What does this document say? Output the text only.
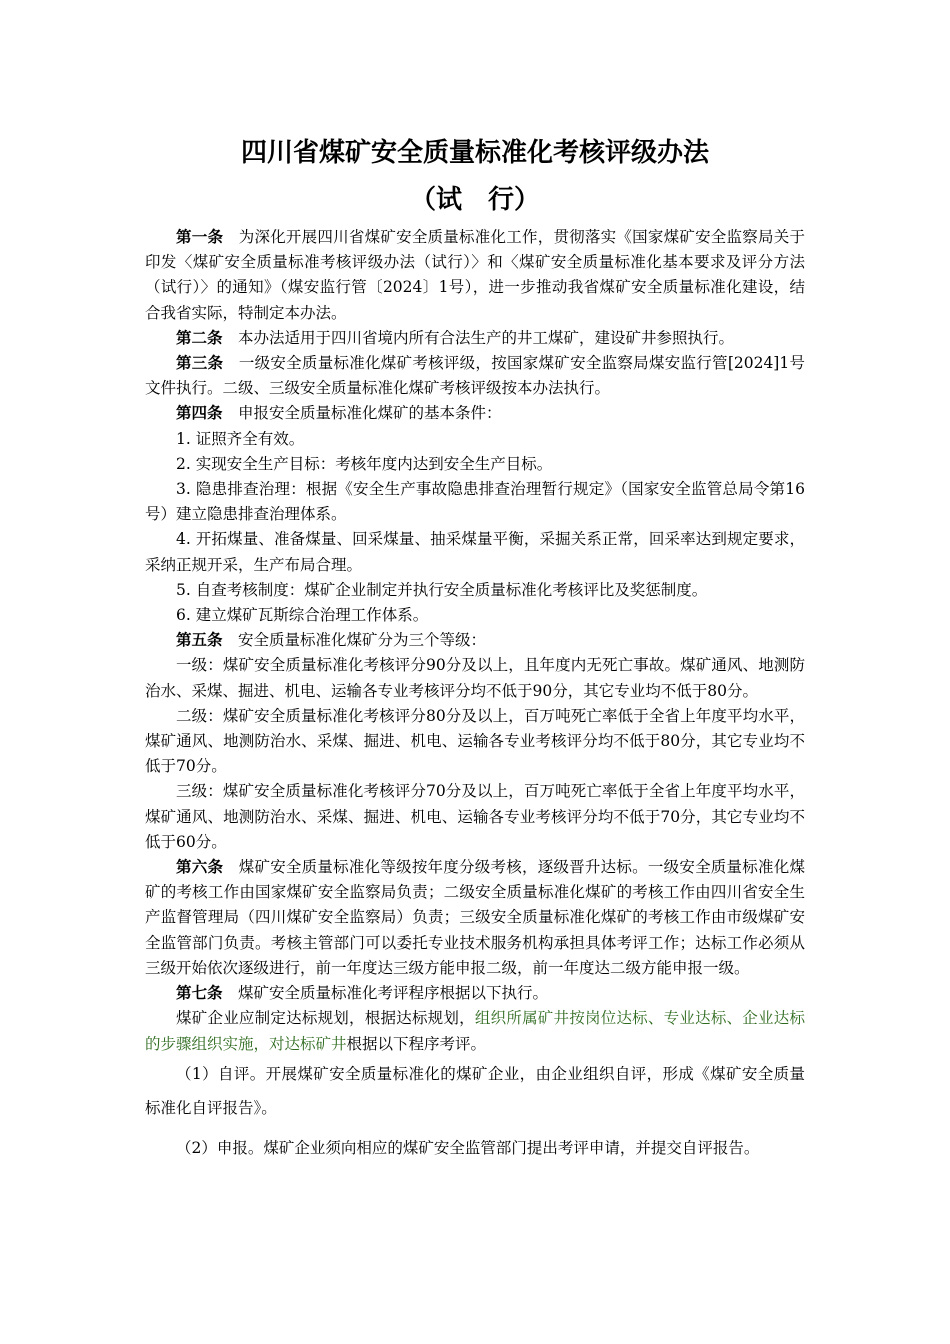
四川省煤矿安全质量标准化考核评级办法
（试　行）

第一条 为深化开展四川省煤矿安全质量标准化工作，贯彻落实《国家煤矿安全监察局关于印发〈煤矿安全质量标准考核评级办法（试行）〉和〈煤矿安全质量标准化基本要求及评分方法（试行）〉的通知》（煤安监行管〔2024〕1号），进一步推动我省煤矿安全质量标准化建设，结合我省实际，特制定本办法。

第二条 本办法适用于四川省境内所有合法生产的井工煤矿，建设矿井参照执行。

第三条 一级安全质量标准化煤矿考核评级，按国家煤矿安全监察局煤安监行管[2024]1号文件执行。二级、三级安全质量标准化煤矿考核评级按本办法执行。

第四条 申报安全质量标准化煤矿的基本条件：

1. 证照齐全有效。

2. 实现安全生产目标：考核年度内达到安全生产目标。

3. 隐患排查治理：根据《安全生产事故隐患排查治理暂行规定》（国家安全监管总局令第16号）建立隐患排查治理体系。

4. 开拓煤量、准备煤量、回采煤量、抽采煤量平衡，采掘关系正常，回采率达到规定要求，采纳正规开采，生产布局合理。

5. 自查考核制度：煤矿企业制定并执行安全质量标准化考核评比及奖惩制度。

6. 建立煤矿瓦斯综合治理工作体系。

第五条 安全质量标准化煤矿分为三个等级：

一级：煤矿安全质量标准化考核评分90分及以上，且年度内无死亡事故。煤矿通风、地测防治水、采煤、掘进、机电、运输各专业考核评分均不低于90分，其它专业均不低于80分。

二级：煤矿安全质量标准化考核评分80分及以上，百万吨死亡率低于全省上年度平均水平，煤矿通风、地测防治水、采煤、掘进、机电、运输各专业考核评分均不低于80分，其它专业均不低于70分。

三级：煤矿安全质量标准化考核评分70分及以上，百万吨死亡率低于全省上年度平均水平，煤矿通风、地测防治水、采煤、掘进、机电、运输各专业考核评分均不低于70分，其它专业均不低于60分。

第六条 煤矿安全质量标准化等级按年度分级考核，逐级晋升达标。一级安全质量标准化煤矿的考核工作由国家煤矿安全监察局负责；二级安全质量标准化煤矿的考核工作由四川省安全生产监督管理局（四川煤矿安全监察局）负责；三级安全质量标准化煤矿的考核工作由市级煤矿安全监管部门负责。考核主管部门可以委托专业技术服务机构承担具体考评工作；达标工作必须从三级开始依次逐级进行，前一年度达三级方能申报二级，前一年度达二级方能申报一级。

第七条 煤矿安全质量标准化考评程序根据以下执行。

煤矿企业应制定达标规划，根据达标规划，组织所属矿井按岗位达标、专业达标、企业达标的步骤组织实施，对达标矿井根据以下程序考评。

（1）自评。开展煤矿安全质量标准化的煤矿企业，由企业组织自评，形成《煤矿安全质量标准化自评报告》。

（2）申报。煤矿企业须向相应的煤矿安全监管部门提出考评申请，并提交自评报告。
